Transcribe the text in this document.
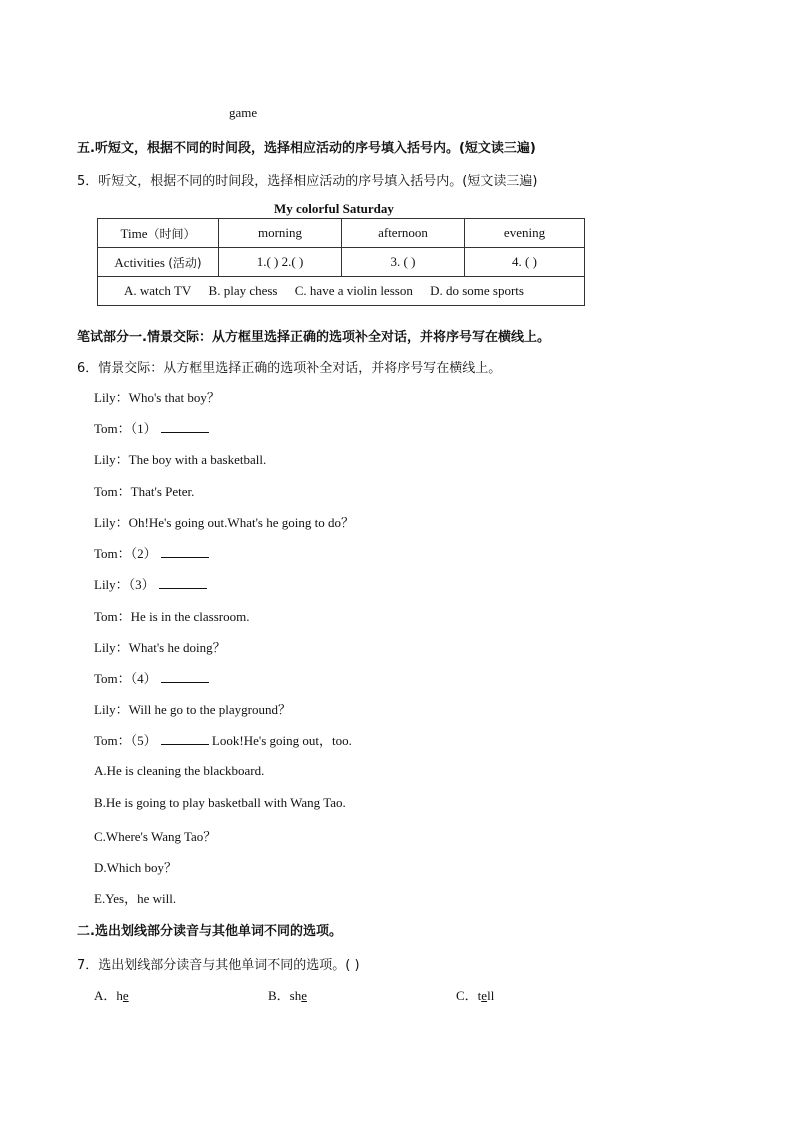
game
五.听短文，根据不同的时间段，选择相应活动的序号填入括号内。(短文读三遍)
5．听短文，根据不同的时间段，选择相应活动的序号填入括号内。(短文读三遍)
My colorful Saturday
Time（时间）	morning	afternoon	evening
Activities (活动)	1.( ) 2.( )	3. ( )	4. ( )
A. watch TV B. play chess C. have a violin lesson D. do some sports			
笔试部分一.情景交际：从方框里选择正确的选项补全对话，并将序号写在横线上。
6．情景交际：从方框里选择正确的选项补全对话，并将序号写在横线上。
Lily：Who's that boy？
Tom：（1）
Lily：The boy with a basketball.
Tom：That's Peter.
Lily：Oh!He's going out.What's he going to do？
Tom：（2）
Lily：（3）
Tom：He is in the classroom.
Lily：What's he doing？
Tom：（4）
Lily：Will he go to the playground？
Tom：（5）	Look!He's going out，too.
A.He is cleaning the blackboard.
B.He is going to play basketball with Wang Tao.
C.Where's Wang Tao？
D.Which boy？
E.Yes，he will.
二.选出划线部分读音与其他单词不同的选项。
7．选出划线部分读音与其他单词不同的选项。( )
A．he	B．she	C．tell
